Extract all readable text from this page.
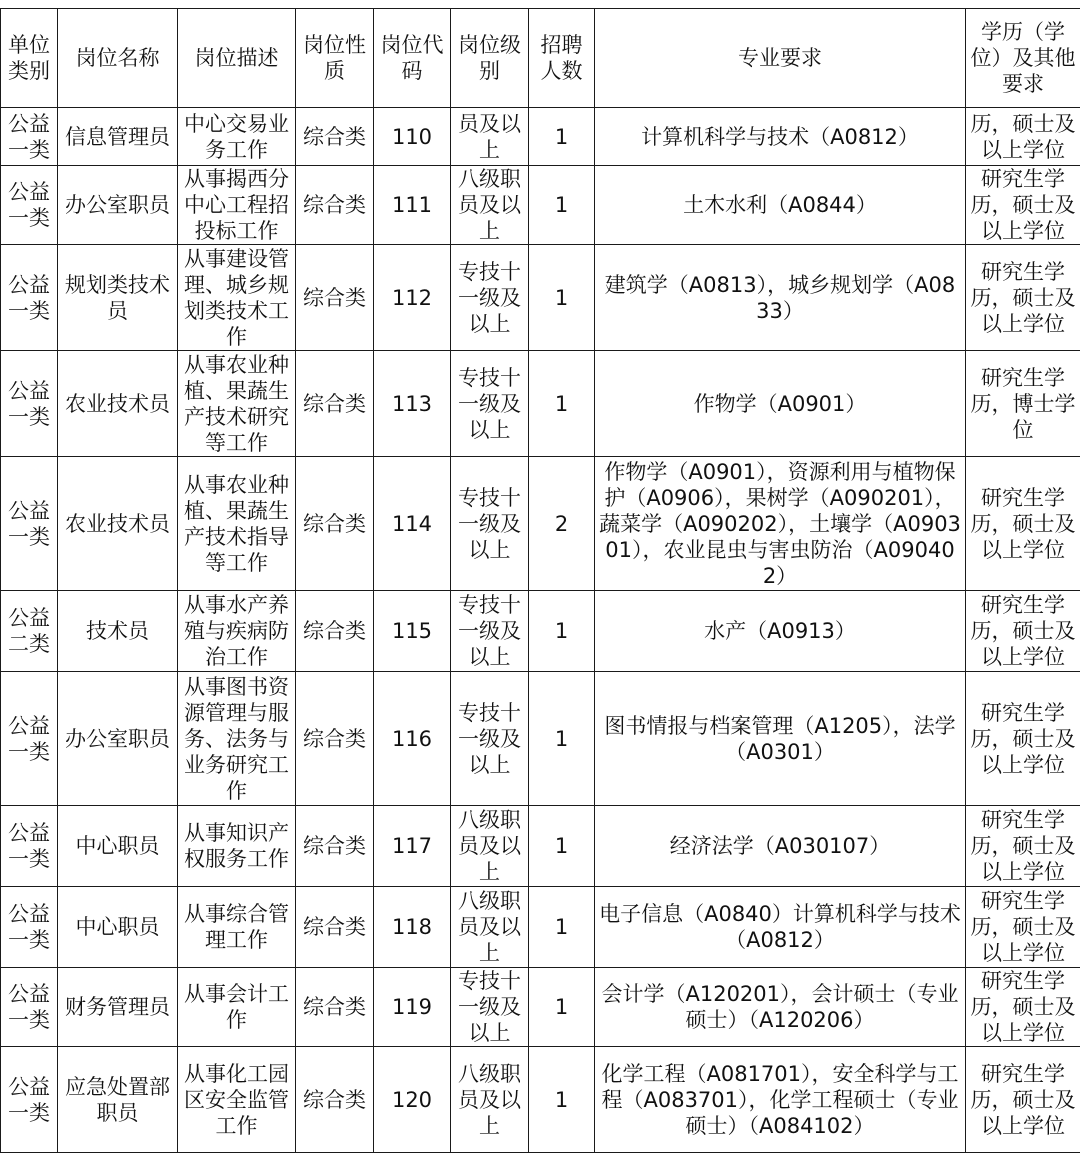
单位类别	岗位名称	岗位描述	岗位性质	岗位代码	岗位级别	招聘人数	专业要求	学历（学位）及其他要求
公益一类	信息管理员	中心交易业务工作	综合类	110	员及以上	1	计算机科学与技术（A0812）	历，硕士及以上学位
公益一类	办公室职员	从事揭西分中心工程招投标工作	综合类	111	八级职员及以上	1	土木水利（A0844）	研究生学历，硕士及以上学位
公益一类	规划类技术员	从事建设管理、城乡规划类技术工作	综合类	112	专技十一级及以上	1	建筑学（A0813），城乡规划学（A0833）	研究生学历，硕士及以上学位
公益一类	农业技术员	从事农业种植、果蔬生产技术研究等工作	综合类	113	专技十一级及以上	1	作物学（A0901）	研究生学历，博士学位
公益一类	农业技术员	从事农业种植、果蔬生产技术指导等工作	综合类	114	专技十一级及以上	2	作物学（A0901），资源利用与植物保护（A0906），果树学（A090201），蔬菜学（A090202），土壤学（A090301），农业昆虫与害虫防治（A090402）	研究生学历，硕士及以上学位
公益二类	技术员	从事水产养殖与疾病防治工作	综合类	115	专技十一级及以上	1	水产（A0913）	研究生学历，硕士及以上学位
公益一类	办公室职员	从事图书资源管理与服务、法务与业务研究工作	综合类	116	专技十一级及以上	1	图书情报与档案管理（A1205），法学（A0301）	研究生学历，硕士及以上学位
公益一类	中心职员	从事知识产权服务工作	综合类	117	八级职员及以上	1	经济法学（A030107）	研究生学历，硕士及以上学位
公益一类	中心职员	从事综合管理工作	综合类	118	八级职员及以上	1	电子信息（A0840）计算机科学与技术（A0812）	研究生学历，硕士及以上学位
公益一类	财务管理员	从事会计工作	综合类	119	专技十一级及以上	1	会计学（A120201），会计硕士（专业硕士）（A120206）	研究生学历，硕士及以上学位
公益一类	应急处置部职员	从事化工园区安全监管工作	综合类	120	八级职员及以上	1	化学工程（A081701），安全科学与工程（A083701），化学工程硕士（专业硕士）（A084102）	研究生学历，硕士及以上学位
